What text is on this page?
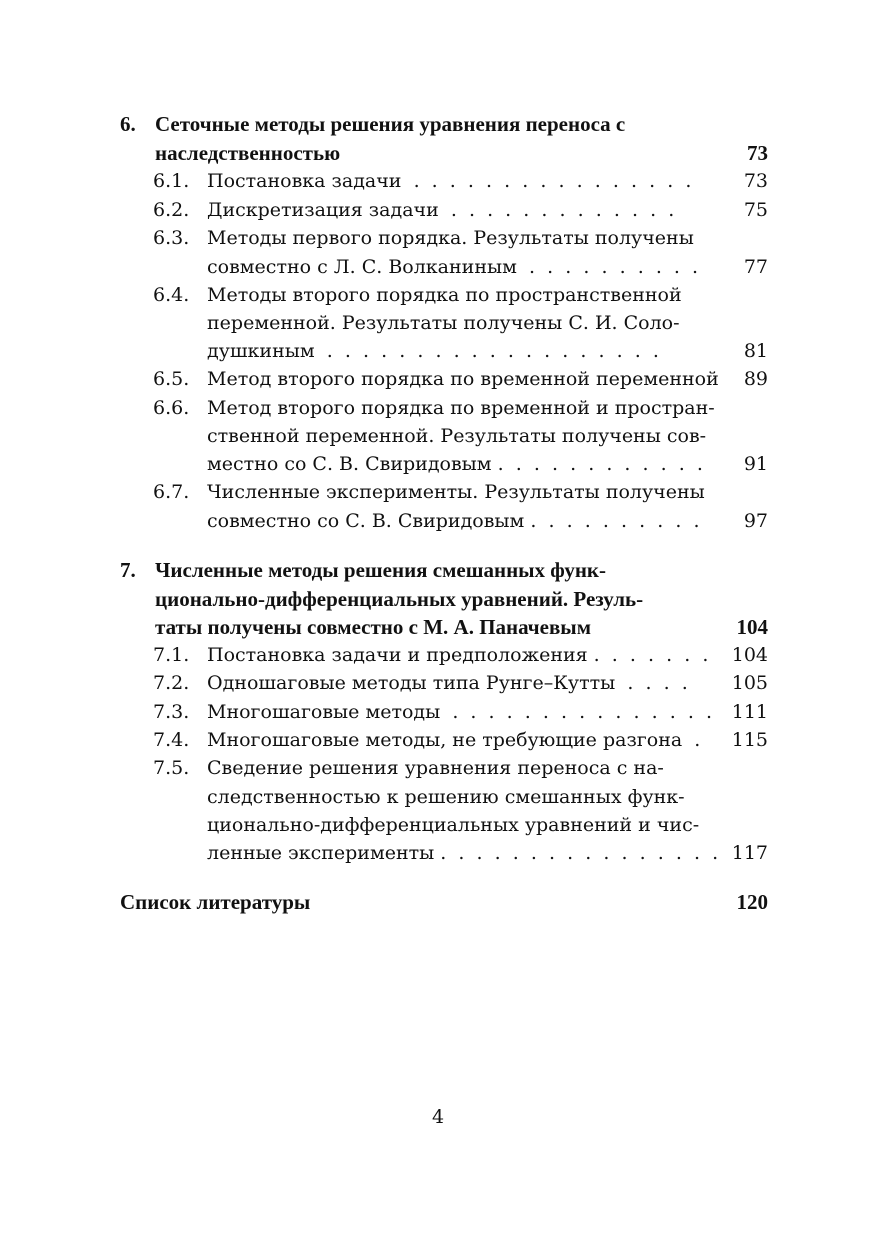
6. Сеточные методы решения уравнения переноса с
наследственностью	73
6.1. Постановка задачи  .  .  .  .  .  .  .  .  .  .  .  .  .  .  .  .	73
6.2. Дискретизация задачи  .  .  .  .  .  .  .  .  .  .  .  .  .	75
6.3. Методы первого порядка. Результаты получены
совместно с Л. С. Волканиным  .  .  .  .  .  .  .  .  .  . 77
6.4. Методы второго порядка по пространственной
переменной. Результаты получены С. И. Соло-
душкиным  .  .  .  .  .  .  .  .  .  .  .  .  .  .  .  .  .  .  .	81
6.5. Метод второго порядка по временной переменной 89
6.6. Метод второго порядка по временной и простран-
ственной переменной. Результаты получены сов-
местно со С. В. Свиридовым .  .  .  .  .  .  .  .  .  .  .  . 91
6.7. Численные эксперименты. Результаты получены
совместно со С. В. Свиридовым .  .  .  .  .  .  .  .  .  . 97
7. Численные методы решения смешанных функ-
ционально-дифференциальных уравнений. Резуль-
таты получены совместно с М. А. Паначевым	104
7.1. Постановка задачи и предположения .  .  .  .  .  .  . 104
7.2. Одношаговые методы типа Рунге–Кутты  .  .  .  . 105
7.3. Многошаговые методы  .  .  .  .  .  .  .  .  .  .  .  .  .  .  . 111
7.4. Многошаговые методы, не требующие разгона  . 115
7.5. Сведение решения уравнения переноса с на-
следственностью к решению смешанных функ-
ционально-дифференциальных уравнений и чис-
ленные эксперименты .  .  .  .  .  .  .  .  .  .  .  .  .  .  .  . 117
Список литературы	120
4
